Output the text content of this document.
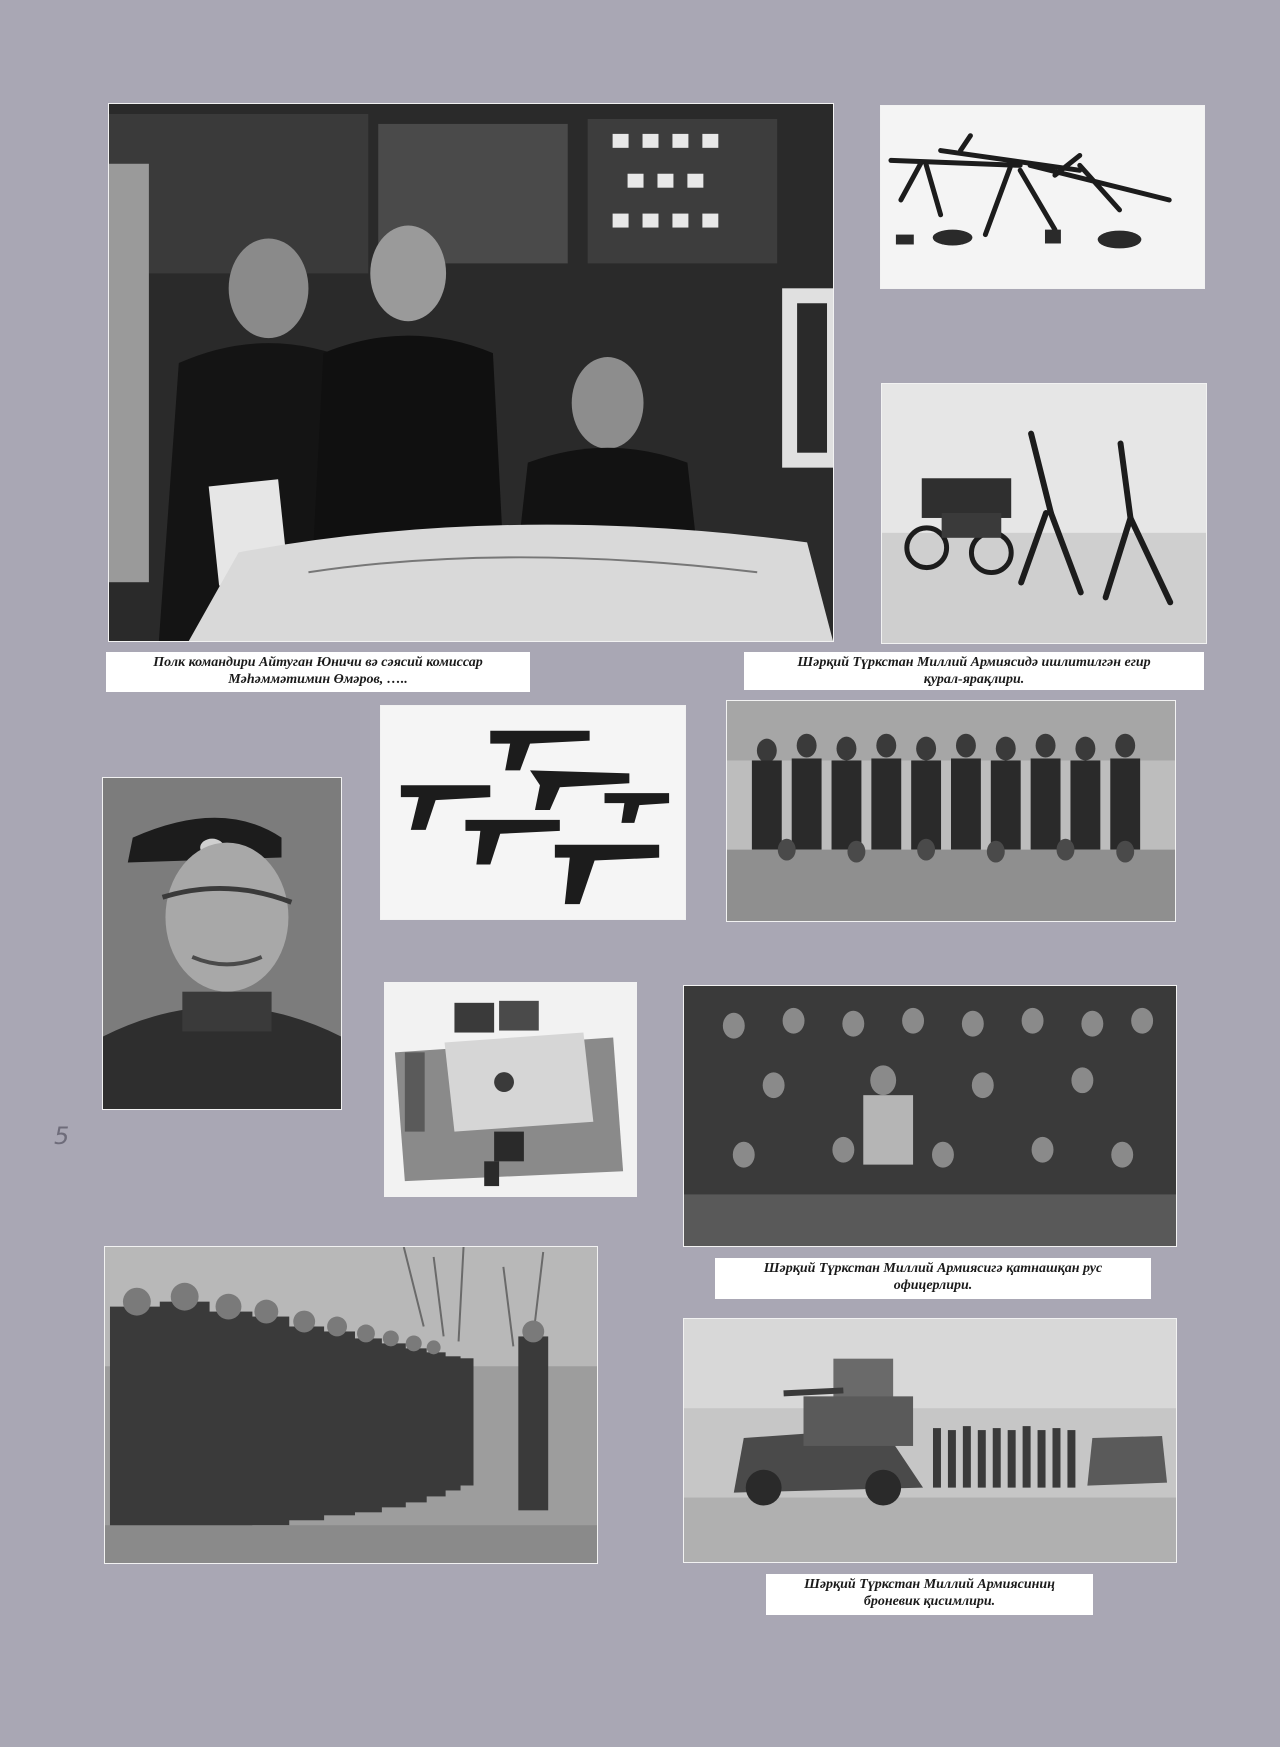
Полк командири Айтуган Юничи вә сәясий комиссар
Мәһәммәтимин Өмәров, …..
Шәрқий Түркстан Миллий Армиясидә ишлитилгән егир
қурал-ярақлири.
Шәрқий Түркстан Миллий Армиясигә қатнашқан рус
офицерлири.
Шәрқий Түркстан Миллий Армиясиниң
броневик қисимлири.
5
